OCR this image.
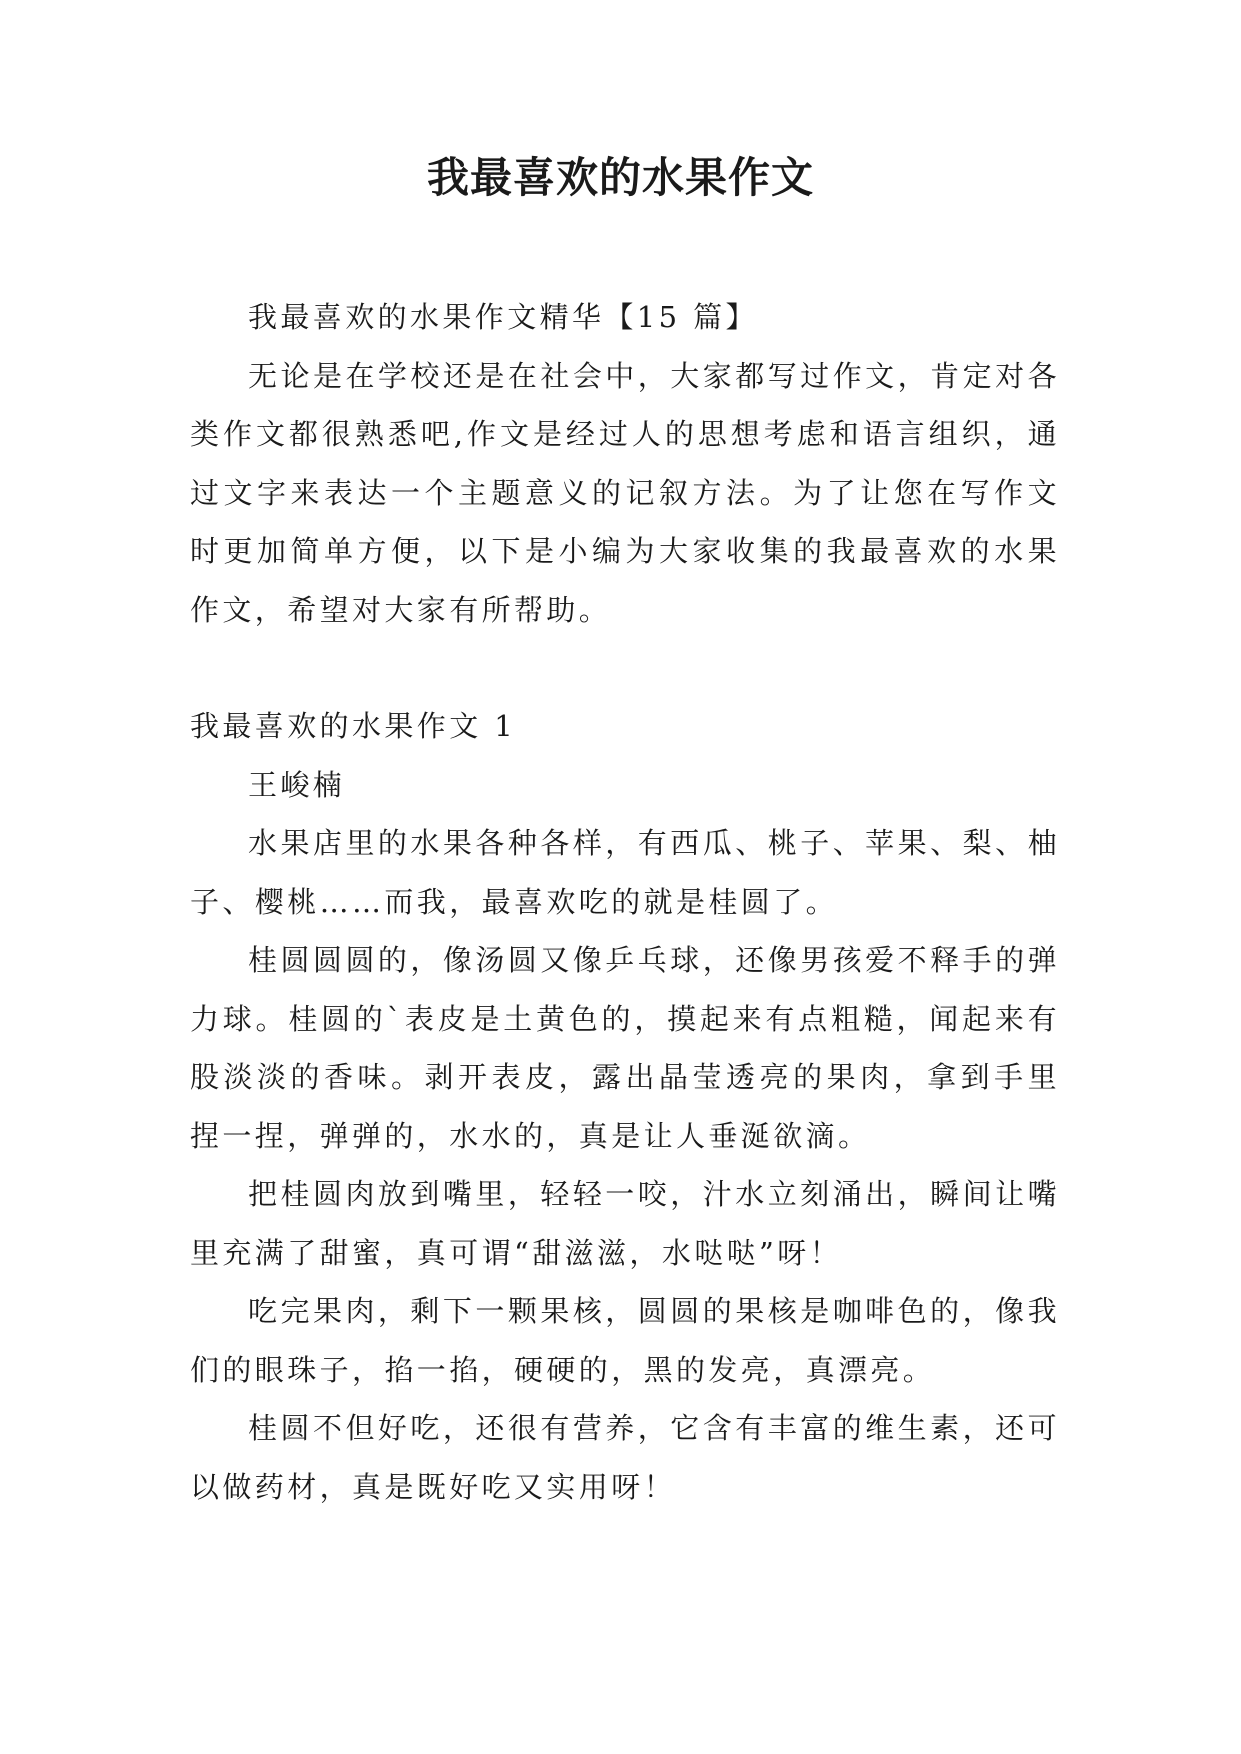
我最喜欢的水果作文

我最喜欢的水果作文精华【15 篇】

无论是在学校还是在社会中，大家都写过作文，肯定对各类作文都很熟悉吧,作文是经过人的思想考虑和语言组织，通过文字来表达一个主题意义的记叙方法。为了让您在写作文时更加简单方便，以下是小编为大家收集的我最喜欢的水果作文，希望对大家有所帮助。

我最喜欢的水果作文 1

王峻楠

水果店里的水果各种各样，有西瓜、桃子、苹果、梨、柚子、樱桃……而我，最喜欢吃的就是桂圆了。

桂圆圆圆的，像汤圆又像乒乓球，还像男孩爱不释手的弹力球。桂圆的`表皮是土黄色的，摸起来有点粗糙，闻起来有股淡淡的香味。剥开表皮，露出晶莹透亮的果肉，拿到手里捏一捏，弹弹的，水水的，真是让人垂涎欲滴。

把桂圆肉放到嘴里，轻轻一咬，汁水立刻涌出，瞬间让嘴里充满了甜蜜，真可谓“甜滋滋，水哒哒”呀！

吃完果肉，剩下一颗果核，圆圆的果核是咖啡色的，像我们的眼珠子，掐一掐，硬硬的，黑的发亮，真漂亮。

桂圆不但好吃，还很有营养，它含有丰富的维生素，还可以做药材，真是既好吃又实用呀！
